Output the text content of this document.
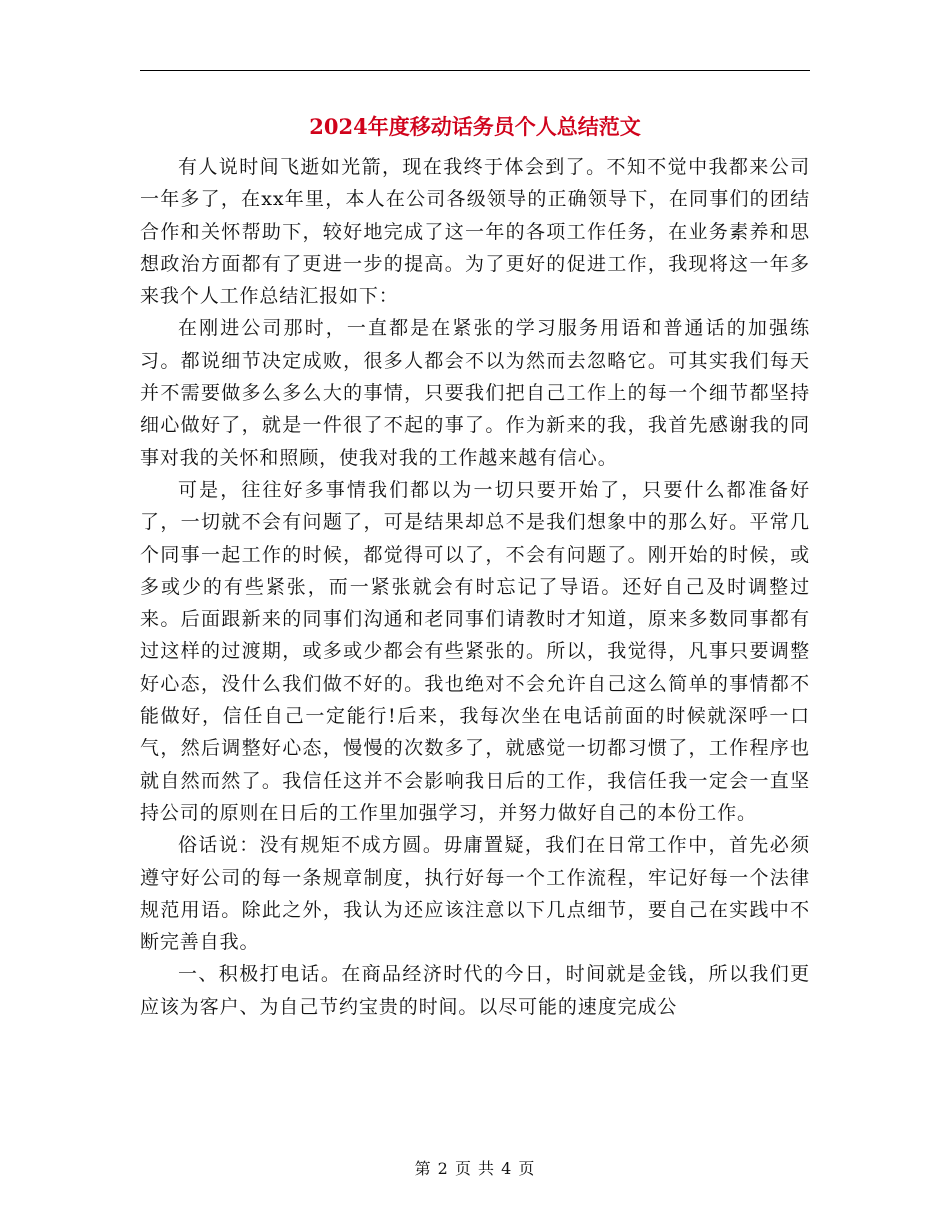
2024年度移动话务员个人总结范文

有人说时间飞逝如光箭，现在我终于体会到了。不知不觉中我都来公司一年多了，在xx年里，本人在公司各级领导的正确领导下，在同事们的团结合作和关怀帮助下，较好地完成了这一年的各项工作任务，在业务素养和思想政治方面都有了更进一步的提高。为了更好的促进工作，我现将这一年多来我个人工作总结汇报如下：

在刚进公司那时，一直都是在紧张的学习服务用语和普通话的加强练习。都说细节决定成败，很多人都会不以为然而去忽略它。可其实我们每天并不需要做多么多么大的事情，只要我们把自己工作上的每一个细节都坚持细心做好了，就是一件很了不起的事了。作为新来的我，我首先感谢我的同事对我的关怀和照顾，使我对我的工作越来越有信心。

可是，往往好多事情我们都以为一切只要开始了，只要什么都准备好了，一切就不会有问题了，可是结果却总不是我们想象中的那么好。平常几个同事一起工作的时候，都觉得可以了，不会有问题了。刚开始的时候，或多或少的有些紧张，而一紧张就会有时忘记了导语。还好自己及时调整过来。后面跟新来的同事们沟通和老同事们请教时才知道，原来多数同事都有过这样的过渡期，或多或少都会有些紧张的。所以，我觉得，凡事只要调整好心态，没什么我们做不好的。我也绝对不会允许自己这么简单的事情都不能做好，信任自己一定能行!后来，我每次坐在电话前面的时候就深呼一口气，然后调整好心态，慢慢的次数多了，就感觉一切都习惯了，工作程序也就自然而然了。我信任这并不会影响我日后的工作，我信任我一定会一直坚持公司的原则在日后的工作里加强学习，并努力做好自己的本份工作。

俗话说：没有规矩不成方圆。毋庸置疑，我们在日常工作中，首先必须遵守好公司的每一条规章制度，执行好每一个工作流程，牢记好每一个法律规范用语。除此之外，我认为还应该注意以下几点细节，要自己在实践中不断完善自我。

一、积极打电话。在商品经济时代的今日，时间就是金钱，所以我们更应该为客户、为自己节约宝贵的时间。以尽可能的速度完成公

第 2 页 共 4 页
